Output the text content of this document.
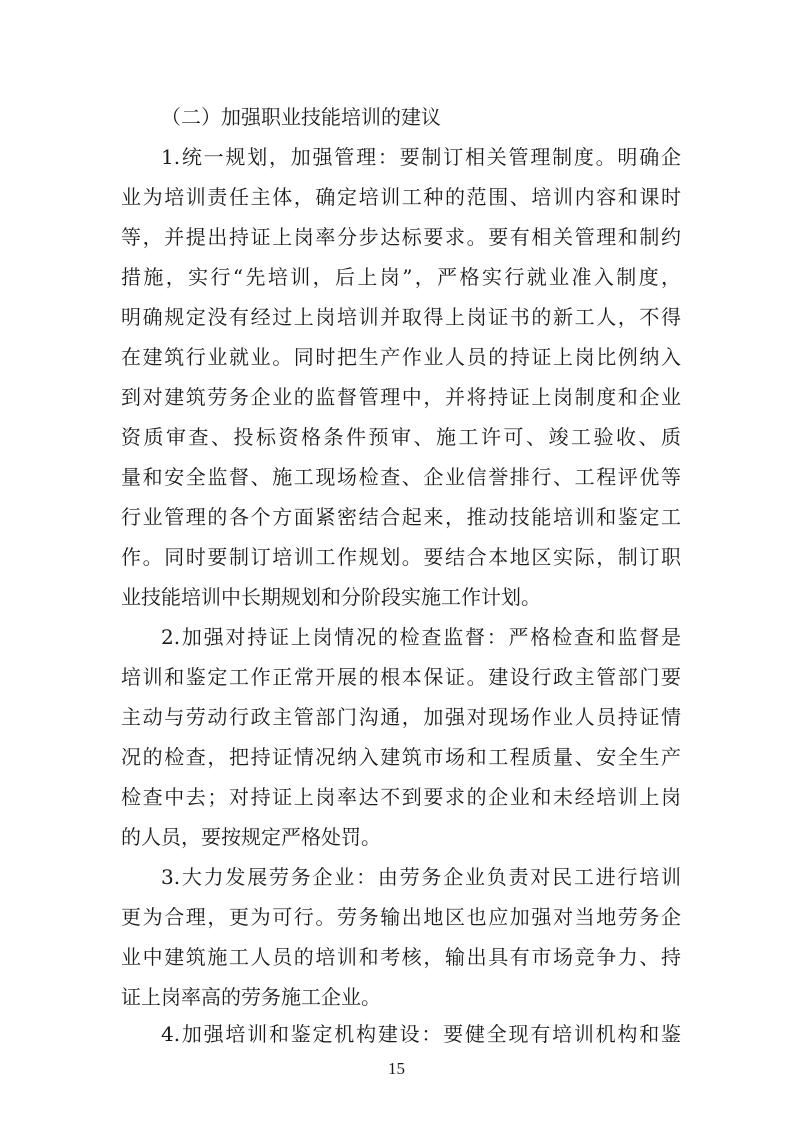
（二）加强职业技能培训的建议
1.统一规划，加强管理：要制订相关管理制度。明确企
业为培训责任主体，确定培训工种的范围、培训内容和课时
等，并提出持证上岗率分步达标要求。要有相关管理和制约
措施，实行“先培训，后上岗”，严格实行就业准入制度，
明确规定没有经过上岗培训并取得上岗证书的新工人，不得
在建筑行业就业。同时把生产作业人员的持证上岗比例纳入
到对建筑劳务企业的监督管理中，并将持证上岗制度和企业
资质审查、投标资格条件预审、施工许可、竣工验收、质
量和安全监督、施工现场检查、企业信誉排行、工程评优等
行业管理的各个方面紧密结合起来，推动技能培训和鉴定工
作。同时要制订培训工作规划。要结合本地区实际，制订职
业技能培训中长期规划和分阶段实施工作计划。
2.加强对持证上岗情况的检查监督：严格检查和监督是
培训和鉴定工作正常开展的根本保证。建设行政主管部门要
主动与劳动行政主管部门沟通，加强对现场作业人员持证情
况的检查，把持证情况纳入建筑市场和工程质量、安全生产
检查中去；对持证上岗率达不到要求的企业和未经培训上岗
的人员，要按规定严格处罚。
3.大力发展劳务企业：由劳务企业负责对民工进行培训
更为合理，更为可行。劳务输出地区也应加强对当地劳务企
业中建筑施工人员的培训和考核，输出具有市场竞争力、持
证上岗率高的劳务施工企业。
15
4.加强培训和鉴定机构建设：要健全现有培训机构和鉴
